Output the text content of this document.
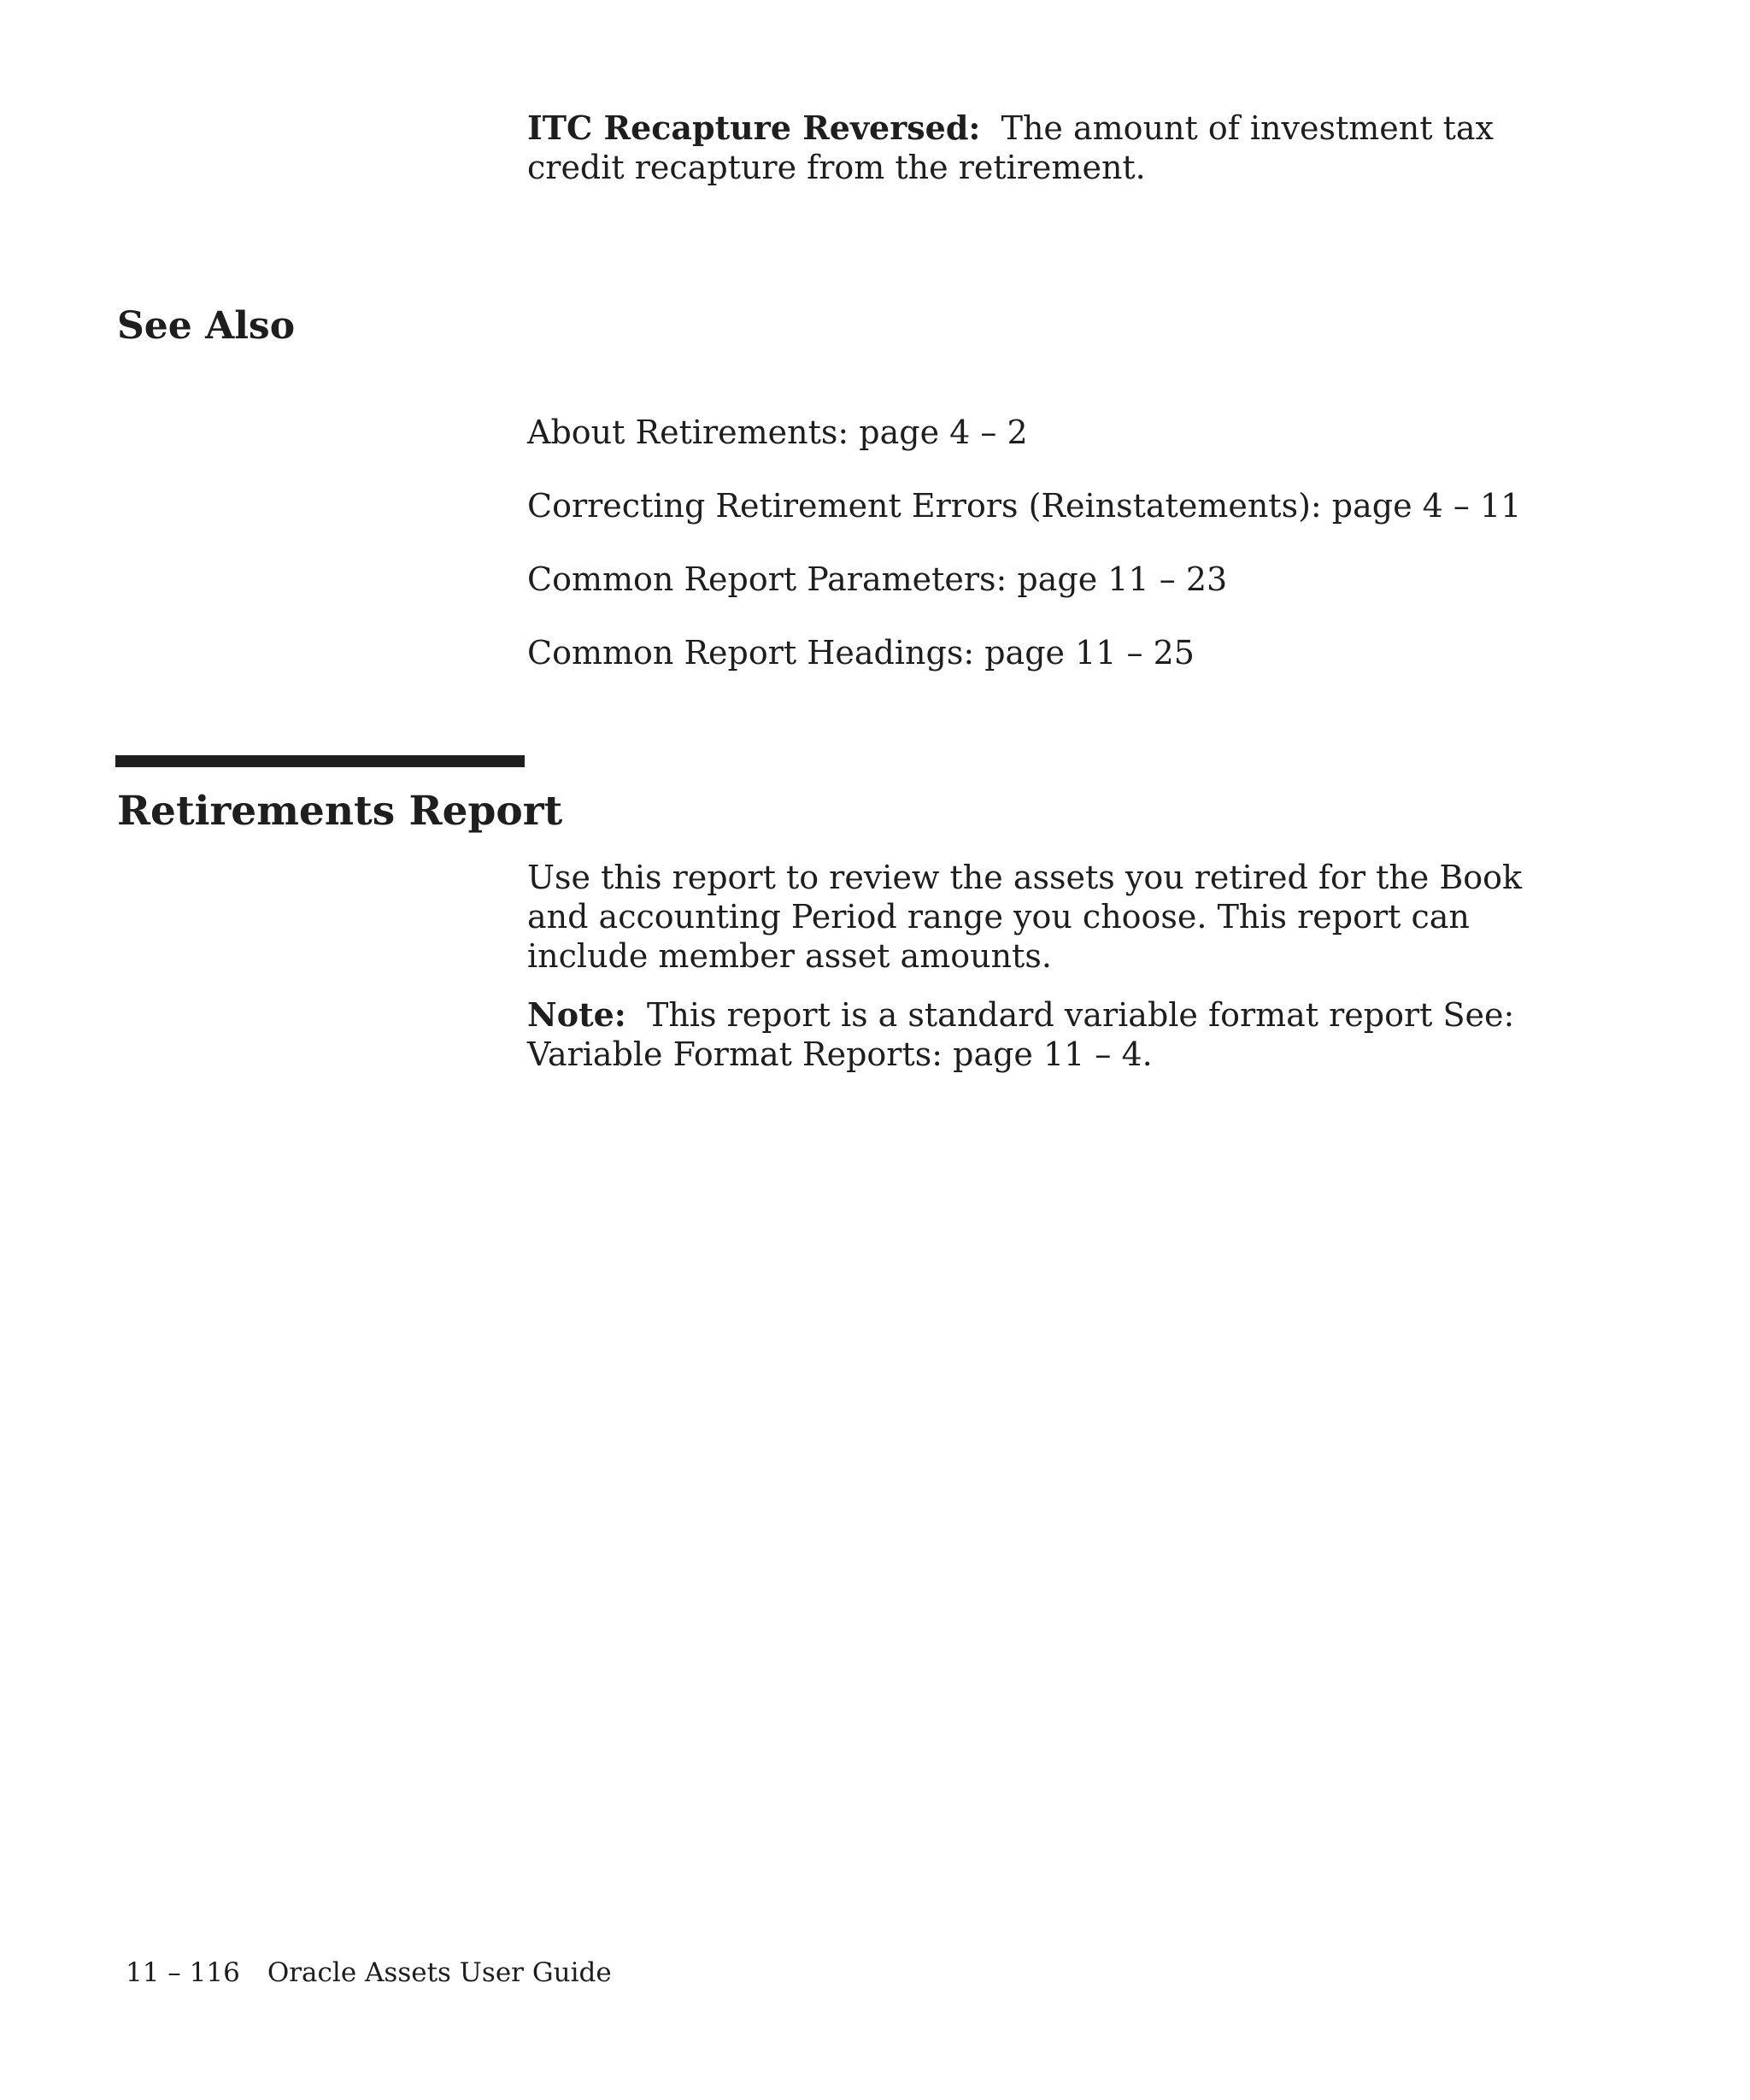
ITC Recapture Reversed: The amount of investment tax credit recapture from the retirement.
See Also
About Retirements: page 4 – 2
Correcting Retirement Errors (Reinstatements): page 4 – 11
Common Report Parameters: page 11 – 23
Common Report Headings: page 11 – 25
Retirements Report
Use this report to review the assets you retired for the Book and accounting Period range you choose. This report can include member asset amounts.
Note: This report is a standard variable format report See: Variable Format Reports: page 11 – 4.
11 – 116 Oracle Assets User Guide
